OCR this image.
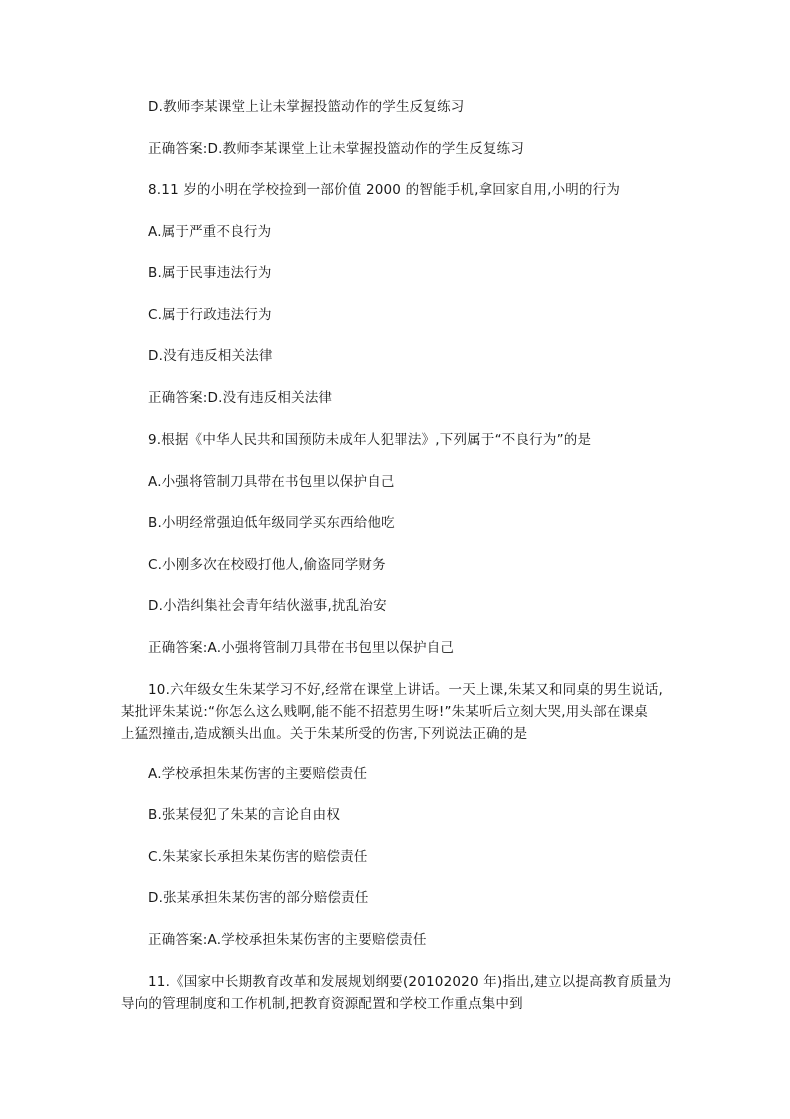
D.教师李某课堂上让未掌握投篮动作的学生反复练习
正确答案:D.教师李某课堂上让未掌握投篮动作的学生反复练习
8.11 岁的小明在学校捡到一部价值 2000 的智能手机,拿回家自用,小明的行为
A.属于严重不良行为
B.属于民事违法行为
C.属于行政违法行为
D.没有违反相关法律
正确答案:D.没有违反相关法律
9.根据《中华人民共和国预防未成年人犯罪法》,下列属于“不良行为”的是
A.小强将管制刀具带在书包里以保护自己
B.小明经常强迫低年级同学买东西给他吃
C.小刚多次在校殴打他人,偷盗同学财务
D.小浩纠集社会青年结伙滋事,扰乱治安
正确答案:A.小强将管制刀具带在书包里以保护自己
10.六年级女生朱某学习不好,经常在课堂上讲话。一天上课,朱某又和同桌的男生说话,
某批评朱某说:“你怎么这么贱啊,能不能不招惹男生呀!”朱某听后立刻大哭,用头部在课桌
上猛烈撞击,造成额头出血。关于朱某所受的伤害,下列说法正确的是
A.学校承担朱某伤害的主要赔偿责任
B.张某侵犯了朱某的言论自由权
C.朱某家长承担朱某伤害的赔偿责任
D.张某承担朱某伤害的部分赔偿责任
正确答案:A.学校承担朱某伤害的主要赔偿责任
11.《国家中长期教育改革和发展规划纲要(20102020 年)指出,建立以提高教育质量为
导向的管理制度和工作机制,把教育资源配置和学校工作重点集中到
